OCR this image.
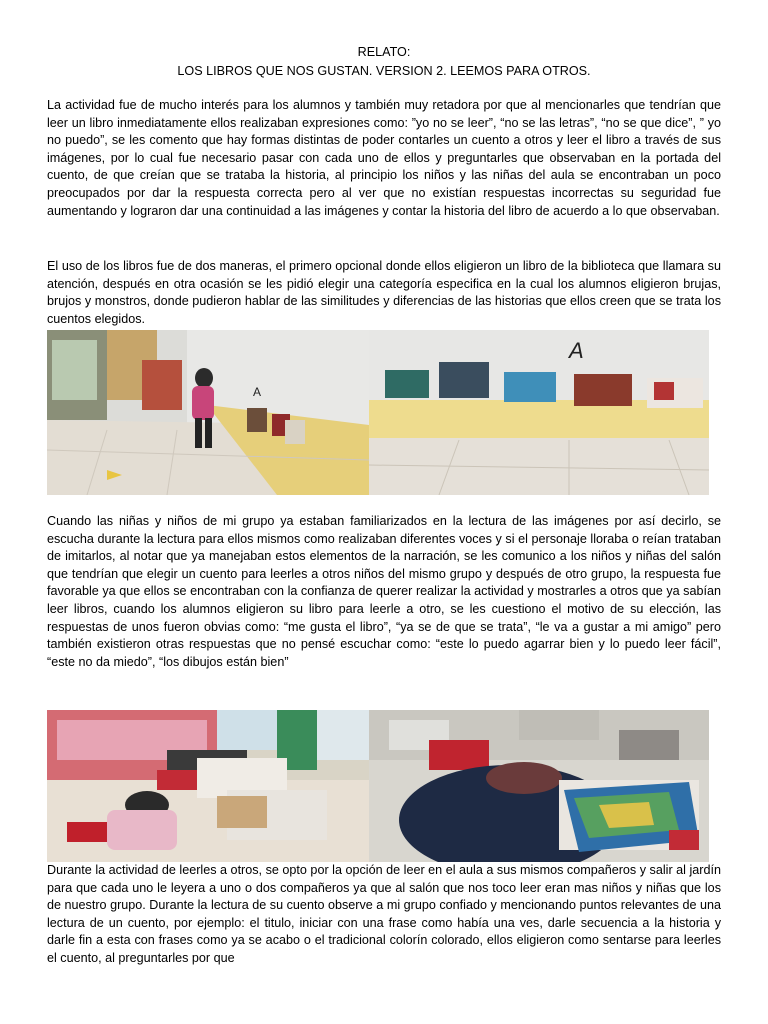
RELATO:
LOS LIBROS QUE NOS GUSTAN. VERSION 2. LEEMOS PARA OTROS.

La actividad fue de mucho interés para los alumnos y también muy retadora por que al mencionarles que tendrían que leer un libro inmediatamente ellos realizaban expresiones como: ”yo no se leer”, “no se las letras”, “no se que dice”, ” yo no puedo”, se les comento que hay formas distintas de poder contarles un cuento a otros y leer el libro a través de sus imágenes, por lo cual fue necesario pasar con cada uno de ellos y preguntarles que observaban en la portada del cuento, de que creían que se trataba la historia, al principio los niños y las niñas del aula se encontraban un poco preocupados por dar la respuesta correcta pero al ver que no existían respuestas incorrectas su seguridad fue aumentando y lograron dar una continuidad a las imágenes y contar la historia del libro de acuerdo a lo que observaban.

El uso de los libros fue de dos maneras, el primero opcional donde ellos eligieron un libro de la biblioteca que llamara su atención, después en otra ocasión se les pidió elegir una categoría especifica en la cual los alumnos eligieron brujas, brujos y monstros, donde pudieron hablar de las similitudes y diferencias de las historias que ellos creen que se trata los cuentos elegidos.

A
A

Cuando las niñas y niños de mi grupo ya estaban familiarizados en la lectura de las imágenes por así decirlo, se escucha durante la lectura para ellos mismos como realizaban diferentes voces y si el personaje lloraba o reían trataban de imitarlos, al notar que ya manejaban estos elementos de la narración, se les comunico a los niños y niñas del salón que tendrían que elegir un cuento para leerles a otros niños del mismo grupo y después de otro grupo, la respuesta fue favorable ya que ellos se encontraban con la confianza de querer realizar la actividad y mostrarles a otros que ya sabían leer libros, cuando los alumnos eligieron su libro para leerle a otro, se les cuestiono el motivo de su elección, las respuestas de unos fueron obvias como: “me gusta el libro”, “ya se de que se trata”, “le va a gustar a mi amigo” pero también existieron otras respuestas que no pensé escuchar como: “este lo puedo agarrar bien y lo puedo leer fácil”, “este no da miedo”, “los dibujos están bien”

Durante la actividad de leerles a otros, se opto por la opción de leer en el aula a sus mismos compañeros y salir al jardín para que cada uno le leyera a uno o dos compañeros ya que al salón que nos toco leer eran mas niños y niñas que los de nuestro grupo. Durante la lectura de su cuento observe a mi grupo confiado y mencionando puntos relevantes de una lectura de un cuento, por ejemplo: el titulo, iniciar con una frase como había una ves, darle secuencia a la historia y darle fin a esta con frases como ya se acabo o el tradicional colorín colorado, ellos eligieron como sentarse para leerles el cuento, al preguntarles por que
